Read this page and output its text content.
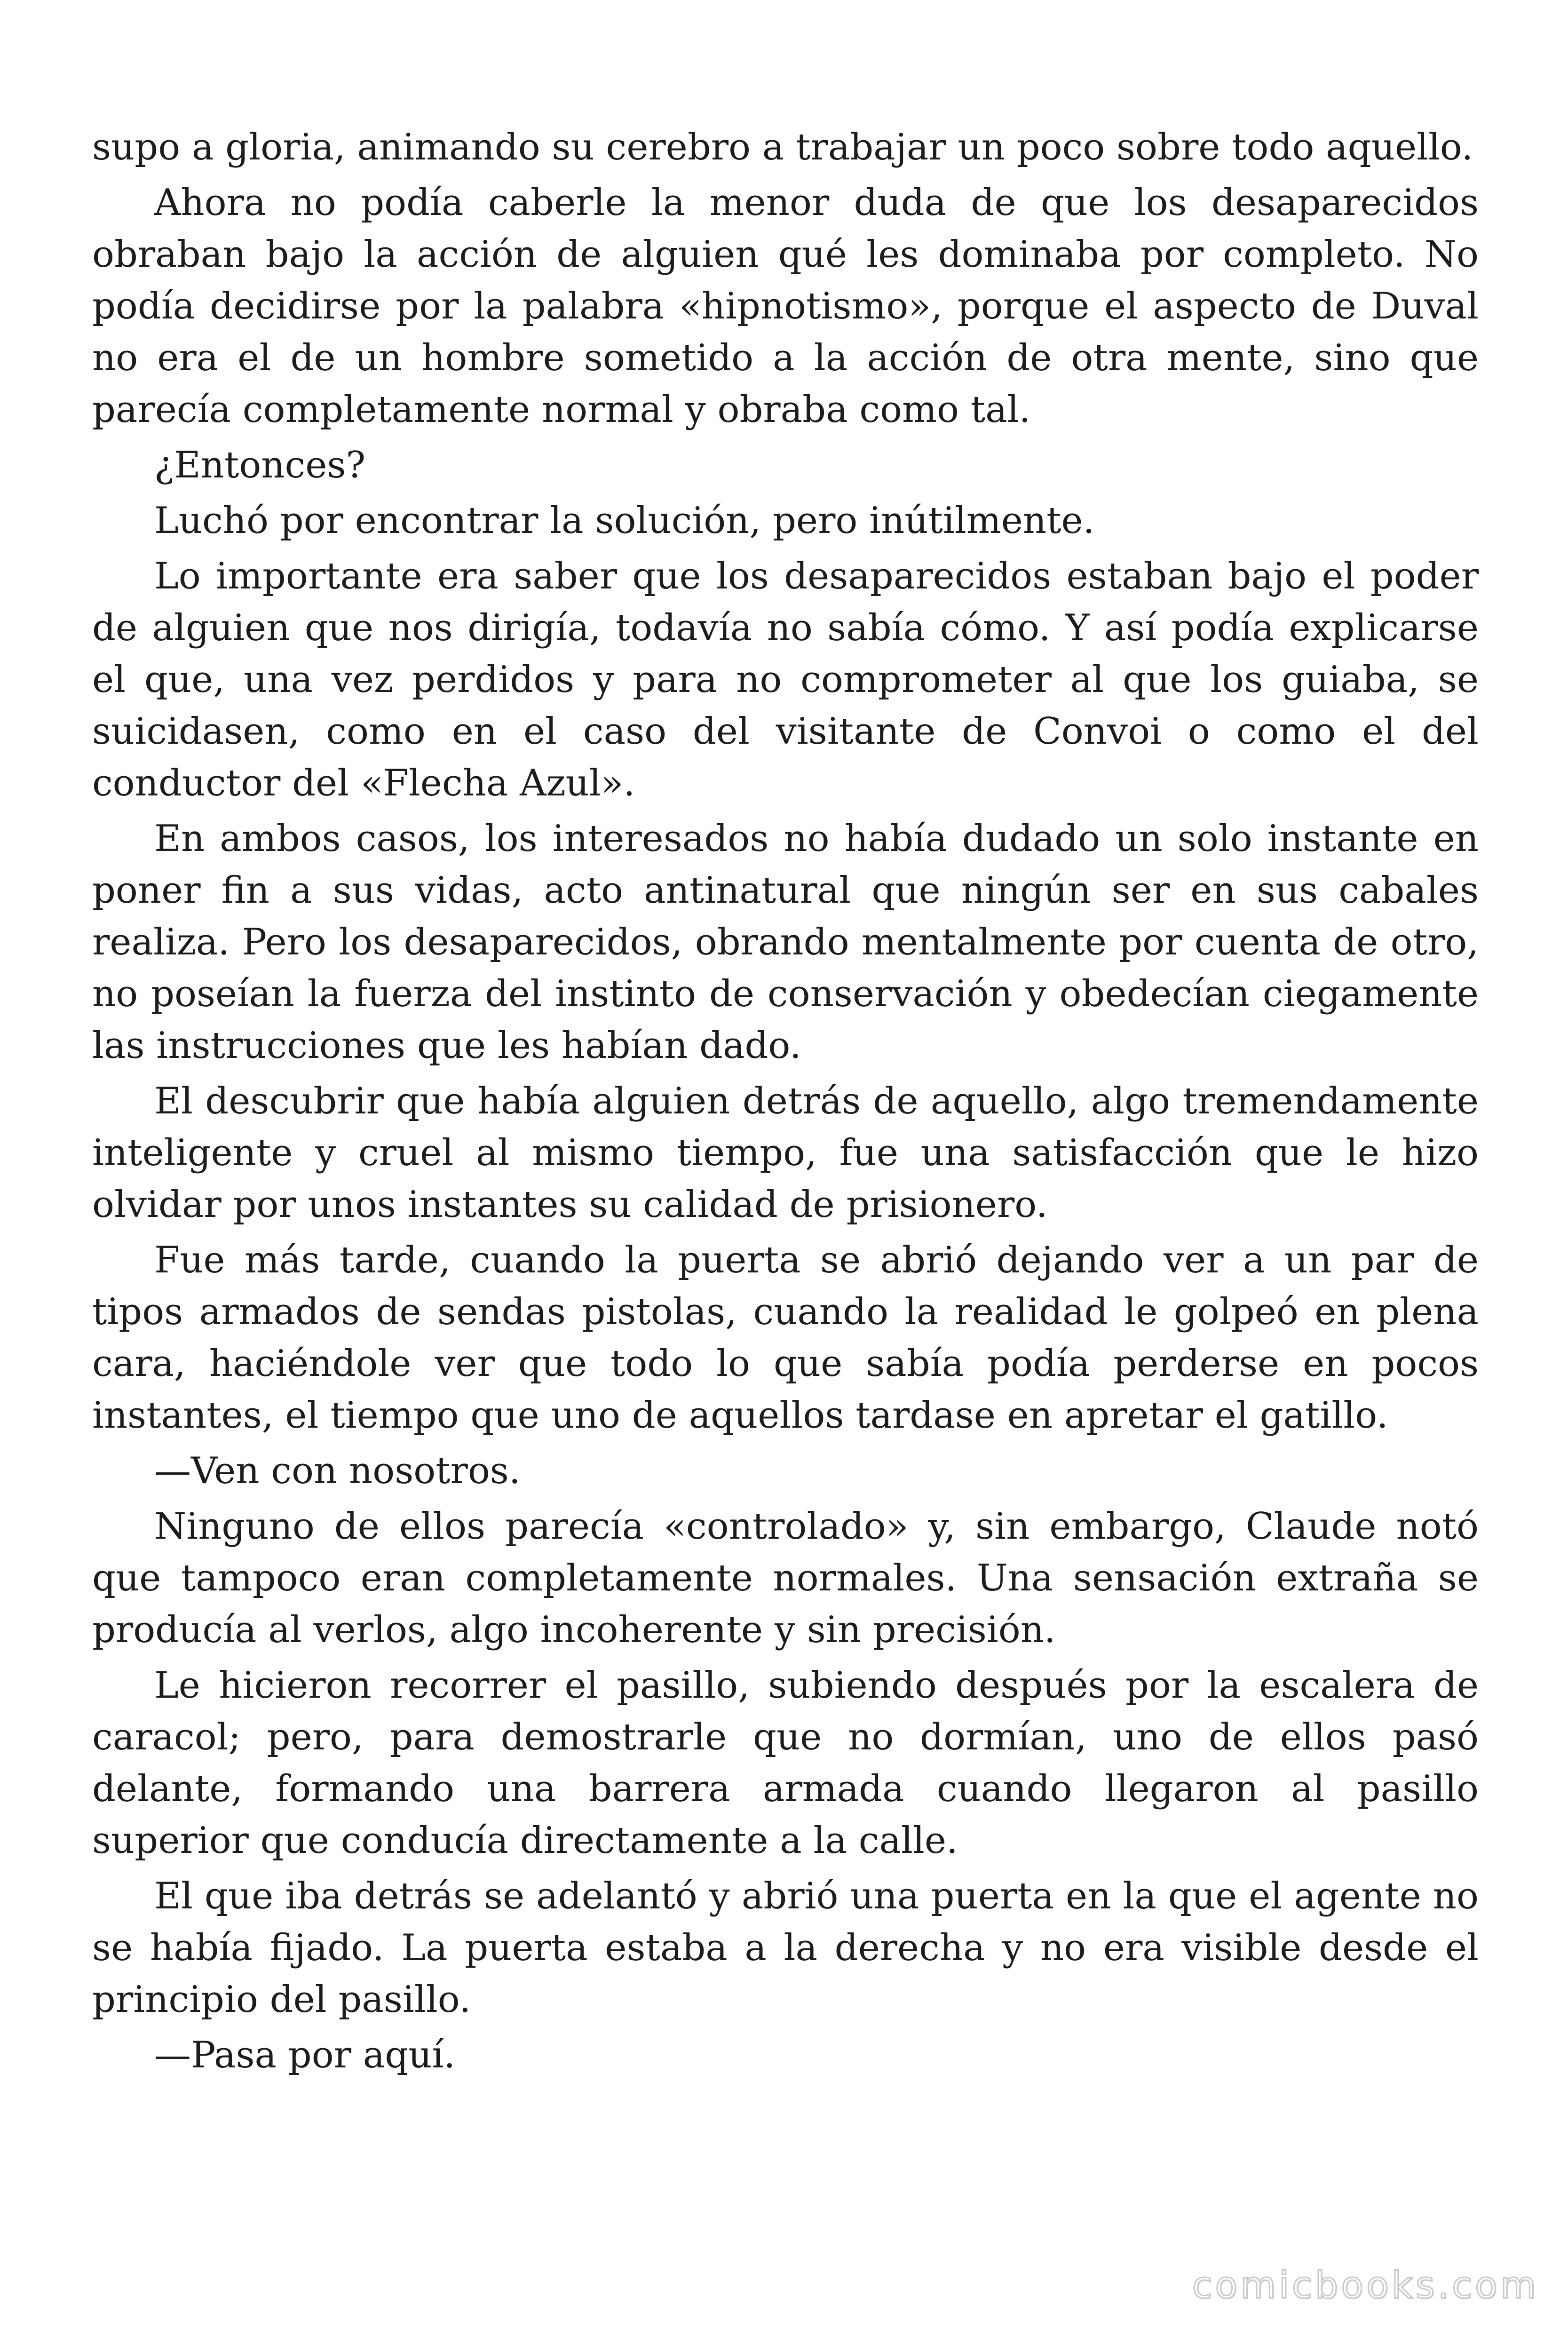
supo a gloria, animando su cerebro a trabajar un poco sobre todo aquello.

Ahora no podía caberle la menor duda de que los desaparecidos obraban bajo la acción de alguien qué les dominaba por completo. No podía decidirse por la palabra «hipnotismo», porque el aspecto de Duval no era el de un hombre sometido a la acción de otra mente, sino que parecía completamente normal y obraba como tal.

¿Entonces?

Luchó por encontrar la solución, pero inútilmente.

Lo importante era saber que los desaparecidos estaban bajo el poder de alguien que nos dirigía, todavía no sabía cómo. Y así podía explicarse el que, una vez perdidos y para no comprometer al que los guiaba, se suicidasen, como en el caso del visitante de Convoi o como el del conductor del «Flecha Azul».

En ambos casos, los interesados no había dudado un solo instante en poner fin a sus vidas, acto antinatural que ningún ser en sus cabales realiza. Pero los desaparecidos, obrando mentalmente por cuenta de otro, no poseían la fuerza del instinto de conservación y obedecían ciegamente las instrucciones que les habían dado.

El descubrir que había alguien detrás de aquello, algo tremendamente inteligente y cruel al mismo tiempo, fue una satisfacción que le hizo olvidar por unos instantes su calidad de prisionero.

Fue más tarde, cuando la puerta se abrió dejando ver a un par de tipos armados de sendas pistolas, cuando la realidad le golpeó en plena cara, haciéndole ver que todo lo que sabía podía perderse en pocos instantes, el tiempo que uno de aquellos tardase en apretar el gatillo.

—Ven con nosotros.

Ninguno de ellos parecía «controlado» y, sin embargo, Claude notó que tampoco eran completamente normales. Una sensación extraña se producía al verlos, algo incoherente y sin precisión.

Le hicieron recorrer el pasillo, subiendo después por la escalera de caracol; pero, para demostrarle que no dormían, uno de ellos pasó delante, formando una barrera armada cuando llegaron al pasillo superior que conducía directamente a la calle.

El que iba detrás se adelantó y abrió una puerta en la que el agente no se había fijado. La puerta estaba a la derecha y no era visible desde el principio del pasillo.

—Pasa por aquí.

comicbooks.com
